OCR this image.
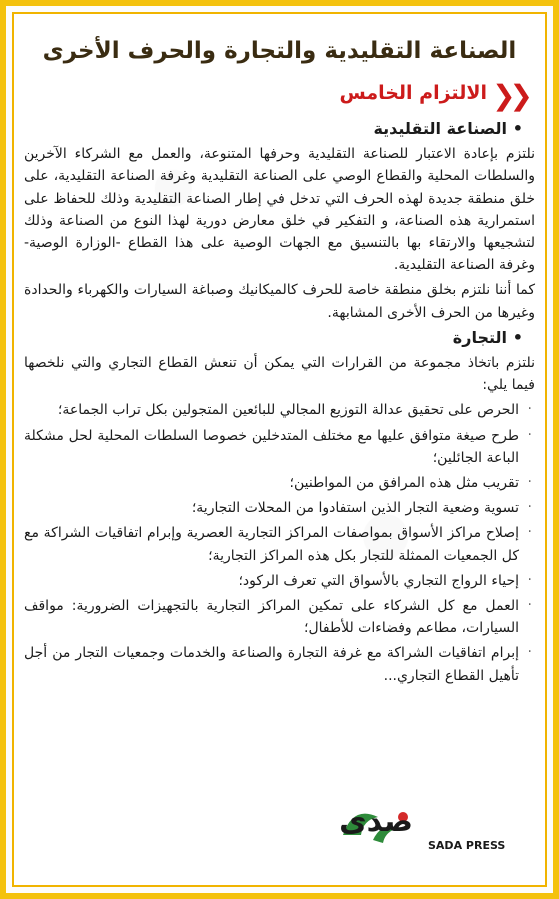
الصناعة التقليدية والتجارة والحرف الأخرى
❯❯
الالتزام الخامس
•
الصناعة التقليدية

نلتزم بإعادة الاعتبار للصناعة التقليدية وحرفها المتنوعة، والعمل مع الشركاء الآخرين والسلطات المحلية والقطاع الوصي على الصناعة التقليدية وغرفة الصناعة التقليدية، على خلق منطقة جديدة لهذه الحرف التي تدخل في إطار الصناعة التقليدية وذلك للحفاظ على استمرارية هذه الصناعة، و التفكير في خلق معارض دورية لهذا النوع من الصناعة وذلك لتشجيعها والارتقاء بها بالتنسيق مع الجهات الوصية على هذا القطاع -الوزارة الوصية- وغرفة الصناعة التقليدية.

كما أننا نلتزم بخلق منطقة خاصة للحرف كالميكانيك وصباغة السيارات والكهرباء والحدادة وغيرها من الحرف الأخرى المشابهة.

•
التجارة

نلتزم باتخاذ مجموعة من القرارات التي يمكن أن تنعش القطاع التجاري والتي نلخصها فيما يلي:

·
الحرص على تحقيق عدالة التوزيع المجالي للبائعين المتجولين بكل تراب الجماعة؛
·
طرح صيغة متوافق عليها مع مختلف المتدخلين خصوصا السلطات المحلية لحل مشكلة الباعة الجائلين؛
·
تقريب مثل هذه المرافق من المواطنين؛
·
تسوية وضعية التجار الذين استفادوا من المحلات التجارية؛
·
إصلاح مراكز الأسواق بمواصفات المراكز التجارية العصرية وإبرام اتفاقيات الشراكة مع كل الجمعيات الممثلة للتجار بكل هذه المراكز التجارية؛
·
إحياء الرواج التجاري بالأسواق التي تعرف الركود؛
·
العمل مع كل الشركاء على تمكين المراكز التجارية بالتجهيزات الضرورية: مواقف السيارات، مطاعم وفضاءات للأطفال؛
·
إبرام اتفاقيات الشراكة مع غرفة التجارة والصناعة والخدمات وجمعيات التجار من أجل تأهيل القطاع التجاري...
صدى
SADA PRESS
